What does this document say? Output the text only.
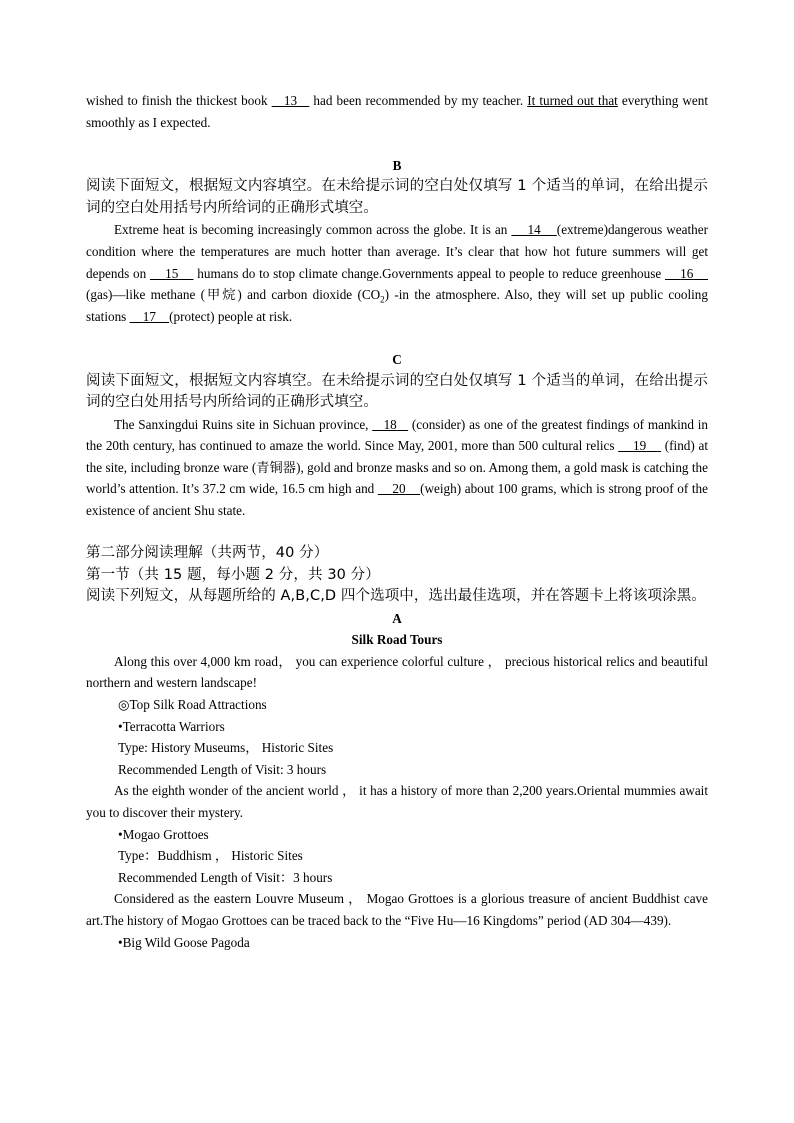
wished to finish the thickest book    13    had been recommended by my teacher. It turned out that everything went smoothly as I expected.

B

阅读下面短文，根据短文内容填空。在未给提示词的空白处仅填写 1 个适当的单词，在给出提示词的空白处用括号内所给词的正确形式填空。

Extreme heat is becoming increasingly common across the globe. It is an     14 (extreme)dangerous weather condition where the temperatures are much hotter than average. It’s clear that how hot future summers will get depends on     15     humans do to stop climate change.Governments appeal to people to reduce greenhouse     16     (gas)—like methane (甲烷) and carbon dioxide $(CO_2)$ -in the atmosphere. Also, they will set up public cooling stations     17 (protect) people at risk.

C

阅读下面短文，根据短文内容填空。在未给提示词的空白处仅填写 1 个适当的单词，在给出提示词的空白处用括号内所给词的正确形式填空。

The Sanxingdui Ruins site in Sichuan province,    18    (consider) as one of the greatest findings of mankind in the 20th century, has continued to amaze the world. Since May, 2001, more than 500 cultural relics     19     (find) at the site, including bronze ware (青铜器), gold and bronze masks and so on. Among them, a gold mask is catching the world’s attention. It’s 37.2 cm wide, 16.5 cm high and     20 (weigh) about 100 grams, which is strong proof of the existence of ancient Shu state.

第二部分阅读理解（共两节，40 分）

第一节（共 15 题，每小题 2 分，共 30 分）

阅读下列短文，从每题所给的 A,B,C,D 四个选项中，选出最佳选项，并在答题卡上将该项涂黑。

A

Silk Road Tours

Along this over 4,000 km road， you can experience colorful culture ， precious historical relics and beautiful northern and western landscape!

◎Top Silk Road Attractions

•Terracotta Warriors

Type: History Museums， Historic Sites

Recommended Length of Visit: 3 hours

As the eighth wonder of the ancient world ， it has a history of more than 2,200 years.Oriental mummies await you to discover their mystery.

•Mogao Grottoes

Type：Buddhism ， Historic Sites

Recommended Length of Visit：3 hours

Considered as the eastern Louvre Museum ， Mogao Grottoes is a glorious treasure of ancient Buddhist cave art.The history of Mogao Grottoes can be traced back to the “Five Hu—16 Kingdoms” period (AD 304—439).

•Big Wild Goose Pagoda
